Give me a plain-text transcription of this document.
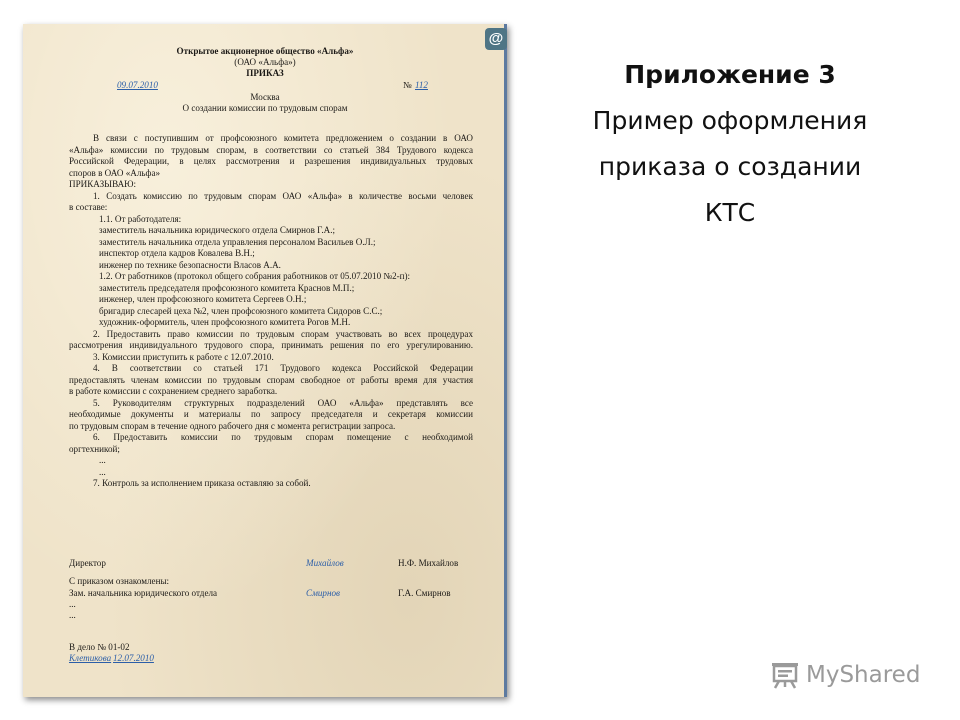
Открытое акционерное общество «Альфа»
(ОАО «Альфа»)
ПРИКАЗ
09.07.2010	№ 112
Москва
О создании комиссии по трудовым спорам
В связи с поступившим от профсоюзного комитета предложением о создании в ОАО
«Альфа» комиссии по трудовым спорам, в соответствии со статьей 384 Трудового кодекса
Российской Федерации, в целях рассмотрения и разрешения индивидуальных трудовых
споров в ОАО «Альфа»
ПРИКАЗЫВАЮ:
1. Создать комиссию по трудовым спорам ОАО «Альфа» в количестве восьми человек
в составе:
1.1. От работодателя:
заместитель начальника юридического отдела Смирнов Г.А.;
заместитель начальника отдела управления персоналом Васильев О.Л.;
инспектор отдела кадров Ковалева В.Н.;
инженер по технике безопасности Власов А.А.
1.2. От работников (протокол общего собрания работников от 05.07.2010 №2-п):
заместитель председателя профсоюзного комитета Краснов М.П.;
инженер, член профсоюзного комитета Сергеев О.Н.;
бригадир слесарей цеха №2, член профсоюзного комитета Сидоров С.С.;
художник-оформитель, член профсоюзного комитета Рогов М.Н.
2. Предоставить право комиссии по трудовым спорам участвовать во всех процедурах
рассмотрения индивидуального трудового спора, принимать решения по его урегулированию.
3. Комиссии приступить к работе с 12.07.2010.
4. В соответствии со статьей 171 Трудового кодекса Российской Федерации
предоставлять членам комиссии по трудовым спорам свободное от работы время для участия
в работе комиссии с сохранением среднего заработка.
5. Руководителям структурных подразделений ОАО «Альфа» представлять все
необходимые документы и материалы по запросу председателя и секретаря комиссии
по трудовым спорам в течение одного рабочего дня с момента регистрации запроса.
6. Предоставить комиссии по трудовым спорам помещение с необходимой
оргтехникой;
...
...
7. Контроль за исполнением приказа оставляю за собой.
Директор	Михайлов	Н.Ф. Михайлов
С приказом ознакомлены:
Зам. начальника юридического отдела	Смирнов	Г.А. Смирнов
...
...
В дело № 01-02
Клетикова 12.07.2010
@
Приложение 3
Пример оформления
приказа о создании
КТС
MyShared
